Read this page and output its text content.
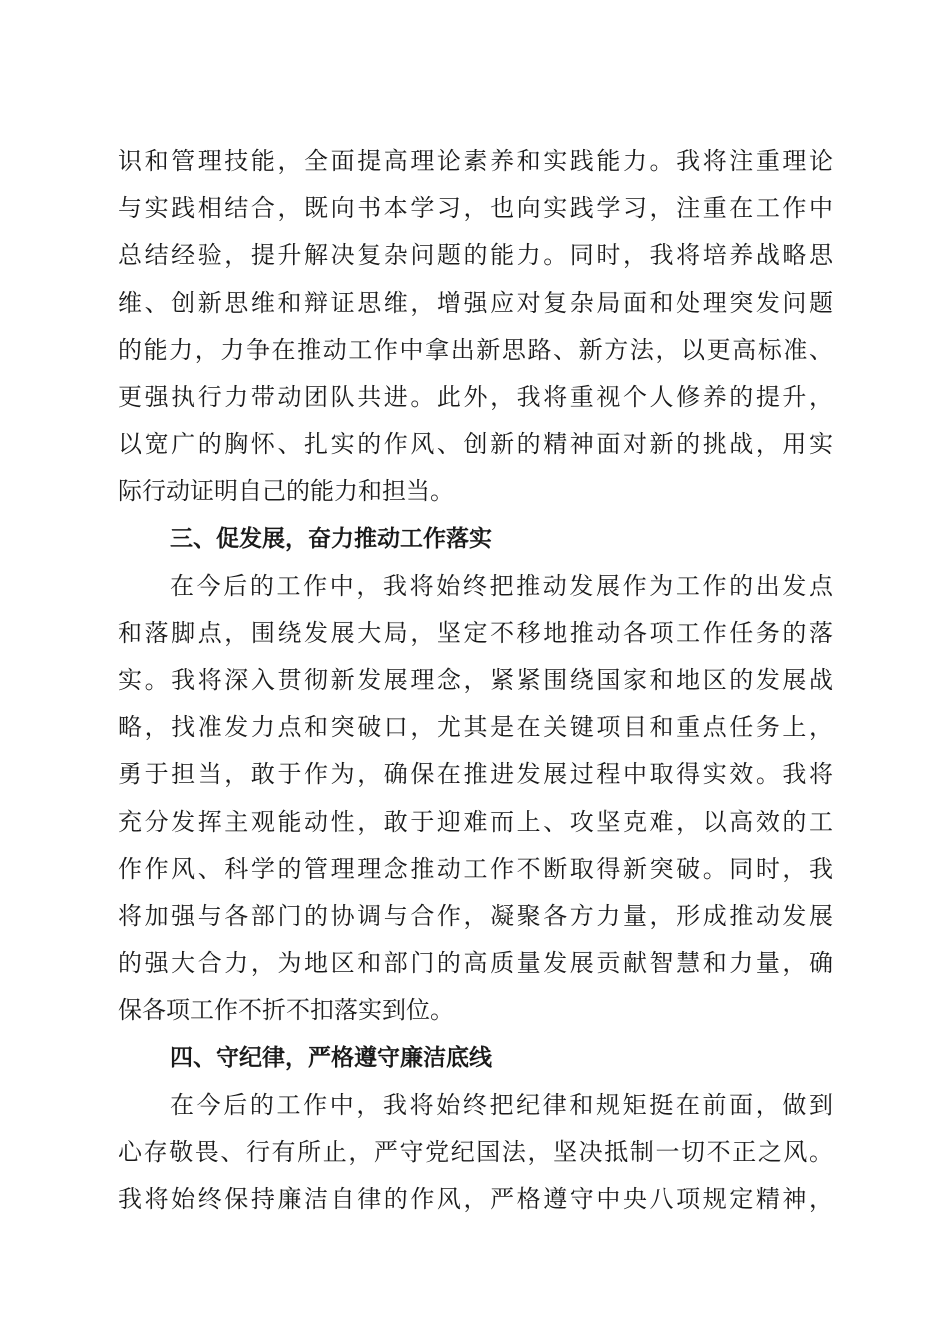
识和管理技能，全面提高理论素养和实践能力。我将注重理论
与实践相结合，既向书本学习，也向实践学习，注重在工作中
总结经验，提升解决复杂问题的能力。同时，我将培养战略思
维、创新思维和辩证思维，增强应对复杂局面和处理突发问题
的能力，力争在推动工作中拿出新思路、新方法，以更高标准、
更强执行力带动团队共进。此外，我将重视个人修养的提升，
以宽广的胸怀、扎实的作风、创新的精神面对新的挑战，用实
际行动证明自己的能力和担当。
三、促发展，奋力推动工作落实
在今后的工作中，我将始终把推动发展作为工作的出发点
和落脚点，围绕发展大局，坚定不移地推动各项工作任务的落
实。我将深入贯彻新发展理念，紧紧围绕国家和地区的发展战
略，找准发力点和突破口，尤其是在关键项目和重点任务上，
勇于担当，敢于作为，确保在推进发展过程中取得实效。我将
充分发挥主观能动性，敢于迎难而上、攻坚克难，以高效的工
作作风、科学的管理理念推动工作不断取得新突破。同时，我
将加强与各部门的协调与合作，凝聚各方力量，形成推动发展
的强大合力，为地区和部门的高质量发展贡献智慧和力量，确
保各项工作不折不扣落实到位。
四、守纪律，严格遵守廉洁底线
在今后的工作中，我将始终把纪律和规矩挺在前面，做到
心存敬畏、行有所止，严守党纪国法，坚决抵制一切不正之风。
我将始终保持廉洁自律的作风，严格遵守中央八项规定精神，
